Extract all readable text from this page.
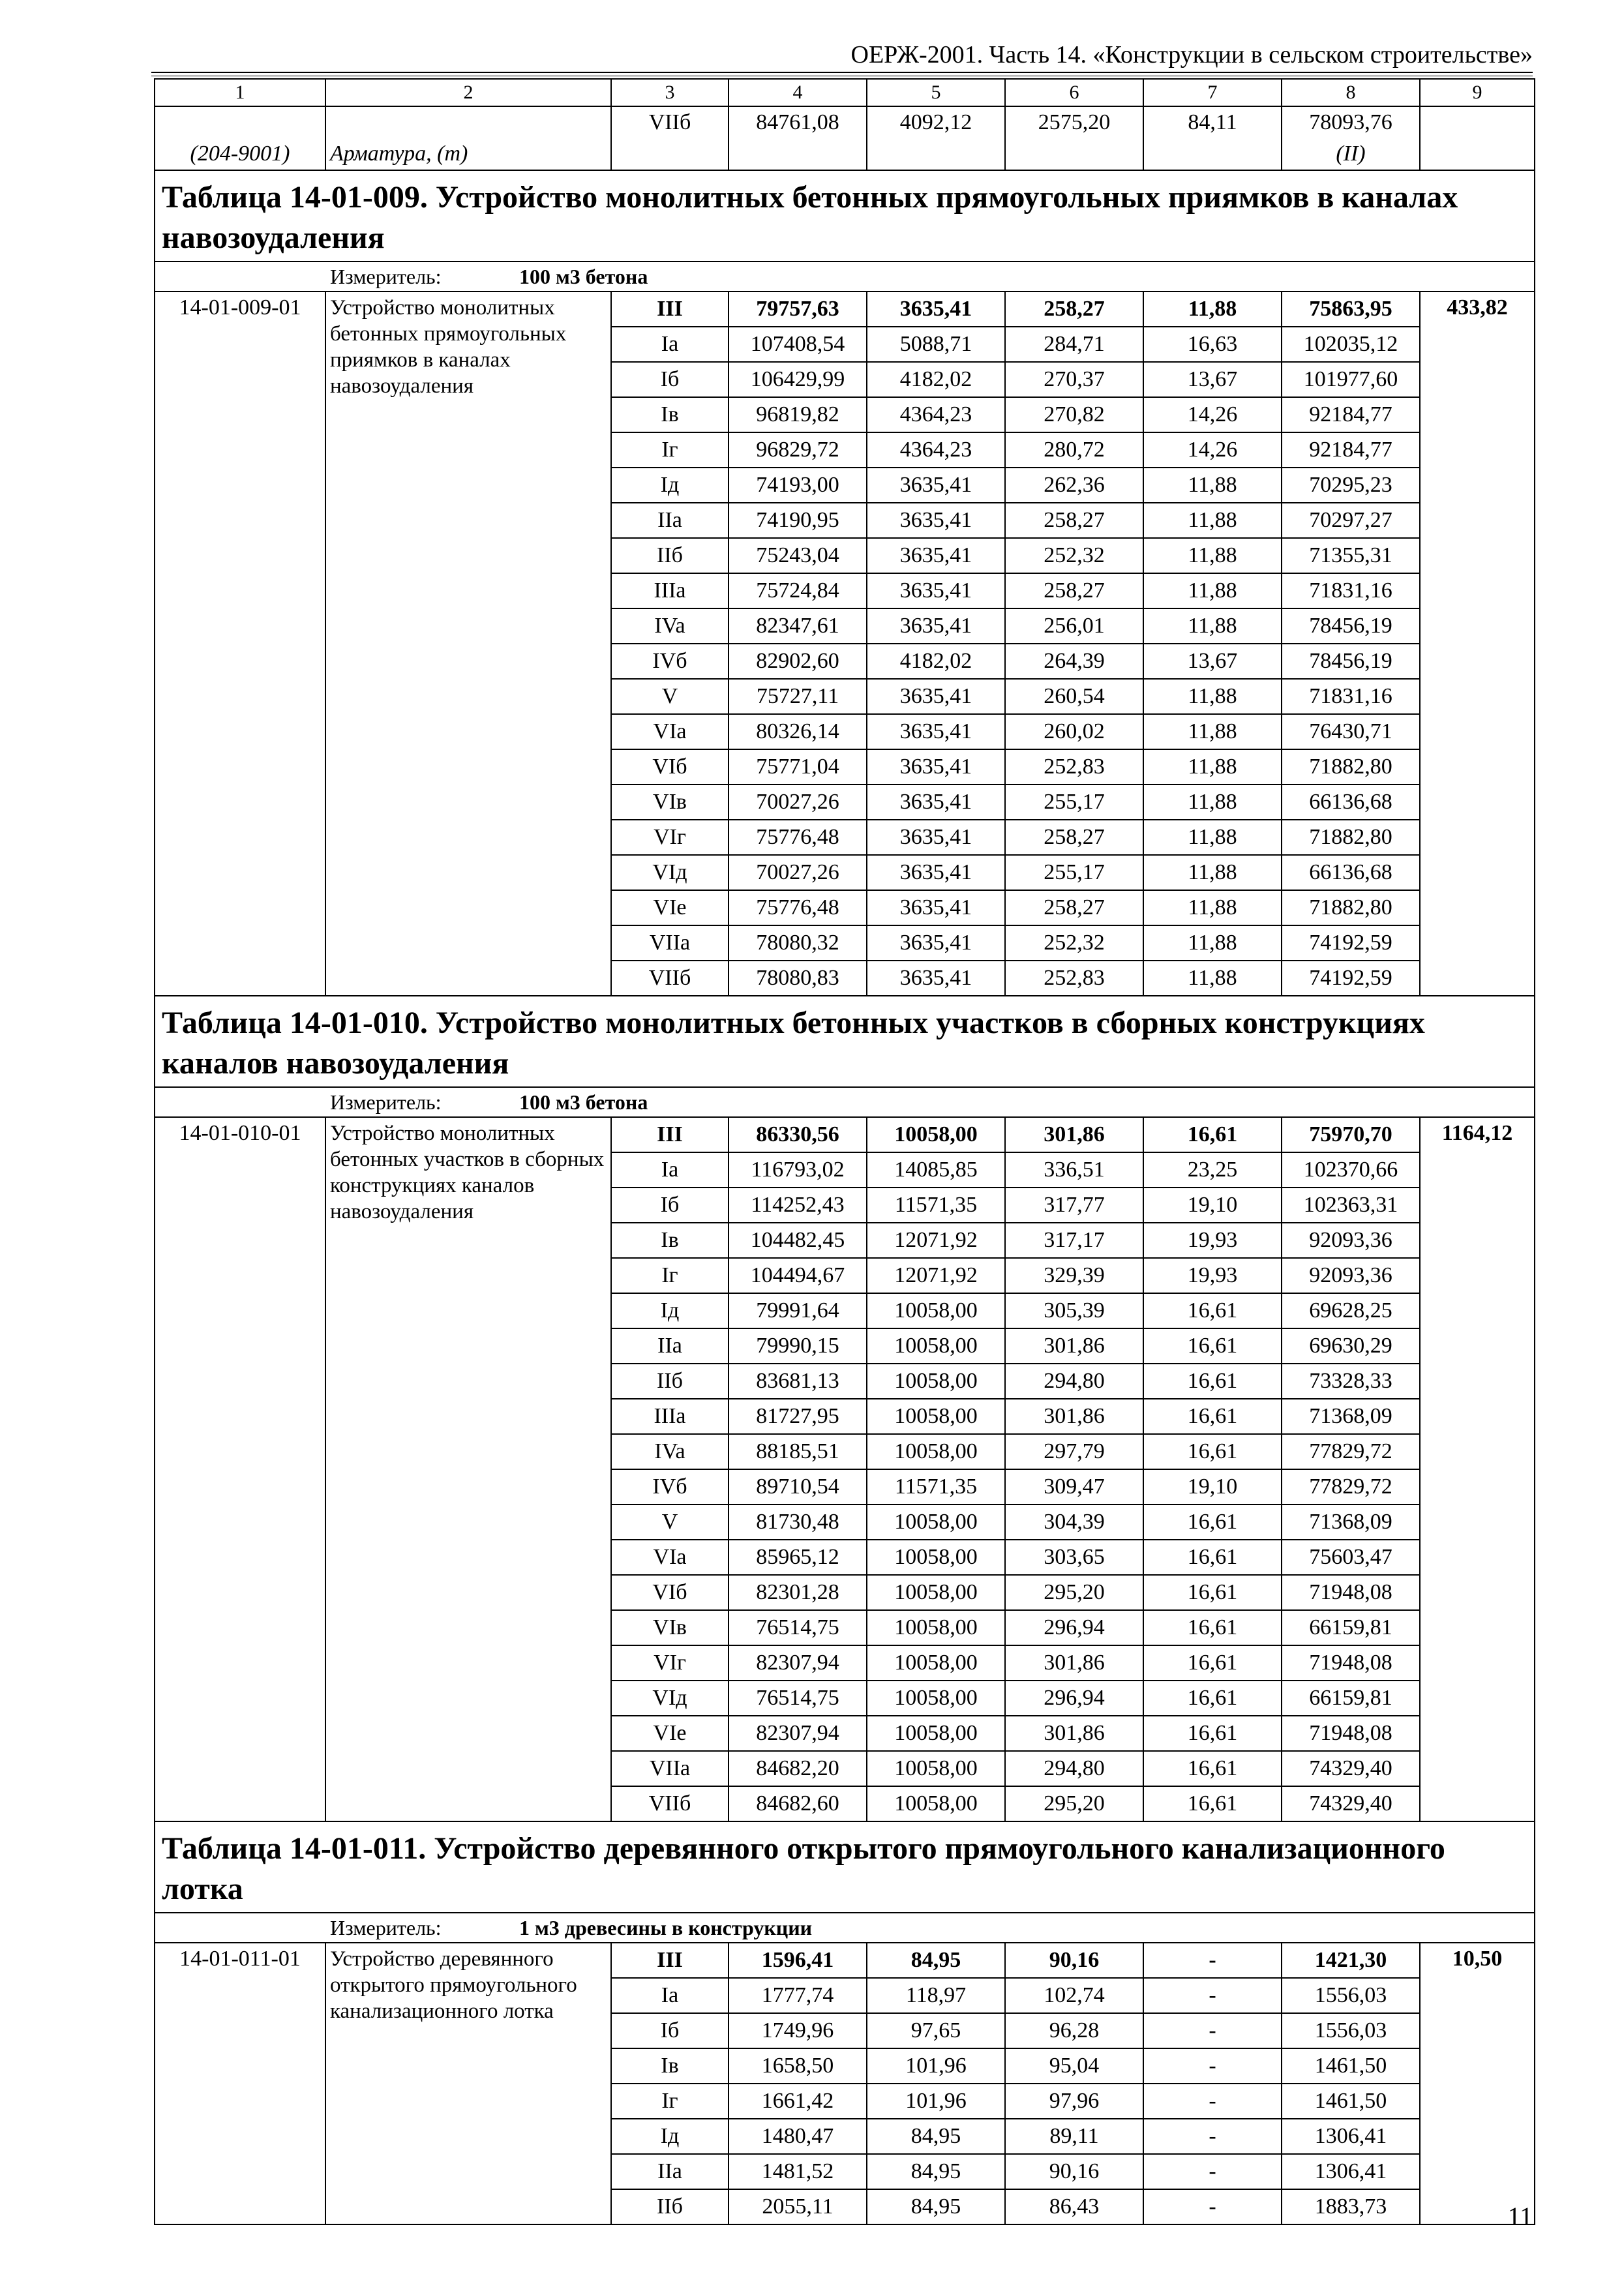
ОЕРЖ-2001. Часть 14. «Конструкции в сельском строительстве»
1	2	3	4	5	6	7	8	9
		VIIб	84761,08	4092,12	2575,20	84,11	78093,76	
(204-9001)	Арматура, (т)						(II)	
Таблица 14-01-009. Устройство монолитных бетонных прямоугольных приямков в каналах навозоудаления								
Измеритель: 100 м3 бетона								
14-01-009-01	Устройство монолитных бетонных прямоугольных приямков в каналах навозоудаления	III	79757,63	3635,41	258,27	11,88	75863,95	433,82
		Ia	107408,54	5088,71	284,71	16,63	102035,12	
		Iб	106429,99	4182,02	270,37	13,67	101977,60	
		Iв	96819,82	4364,23	270,82	14,26	92184,77	
		Iг	96829,72	4364,23	280,72	14,26	92184,77	
		Iд	74193,00	3635,41	262,36	11,88	70295,23	
		IIa	74190,95	3635,41	258,27	11,88	70297,27	
		IIб	75243,04	3635,41	252,32	11,88	71355,31	
		IIIa	75724,84	3635,41	258,27	11,88	71831,16	
		IVa	82347,61	3635,41	256,01	11,88	78456,19	
		IVб	82902,60	4182,02	264,39	13,67	78456,19	
		V	75727,11	3635,41	260,54	11,88	71831,16	
		VIa	80326,14	3635,41	260,02	11,88	76430,71	
		VIб	75771,04	3635,41	252,83	11,88	71882,80	
		VIв	70027,26	3635,41	255,17	11,88	66136,68	
		VIг	75776,48	3635,41	258,27	11,88	71882,80	
		VIд	70027,26	3635,41	255,17	11,88	66136,68	
		VIe	75776,48	3635,41	258,27	11,88	71882,80	
		VIIa	78080,32	3635,41	252,32	11,88	74192,59	
		VIIб	78080,83	3635,41	252,83	11,88	74192,59	
Таблица 14-01-010. Устройство монолитных бетонных участков в сборных конструкциях каналов навозоудаления								
Измеритель: 100 м3 бетона								
14-01-010-01	Устройство монолитных бетонных участков в сборных конструкциях каналов навозоудаления	III	86330,56	10058,00	301,86	16,61	75970,70	1164,12
		Ia	116793,02	14085,85	336,51	23,25	102370,66	
		Iб	114252,43	11571,35	317,77	19,10	102363,31	
		Iв	104482,45	12071,92	317,17	19,93	92093,36	
		Iг	104494,67	12071,92	329,39	19,93	92093,36	
		Iд	79991,64	10058,00	305,39	16,61	69628,25	
		IIa	79990,15	10058,00	301,86	16,61	69630,29	
		IIб	83681,13	10058,00	294,80	16,61	73328,33	
		IIIa	81727,95	10058,00	301,86	16,61	71368,09	
		IVa	88185,51	10058,00	297,79	16,61	77829,72	
		IVб	89710,54	11571,35	309,47	19,10	77829,72	
		V	81730,48	10058,00	304,39	16,61	71368,09	
		VIa	85965,12	10058,00	303,65	16,61	75603,47	
		VIб	82301,28	10058,00	295,20	16,61	71948,08	
		VIв	76514,75	10058,00	296,94	16,61	66159,81	
		VIг	82307,94	10058,00	301,86	16,61	71948,08	
		VIд	76514,75	10058,00	296,94	16,61	66159,81	
		VIe	82307,94	10058,00	301,86	16,61	71948,08	
		VIIa	84682,20	10058,00	294,80	16,61	74329,40	
		VIIб	84682,60	10058,00	295,20	16,61	74329,40	
Таблица 14-01-011. Устройство деревянного открытого прямоугольного канализационного лотка								
Измеритель: 1 м3 древесины в конструкции								
14-01-011-01	Устройство деревянного открытого прямоугольного канализационного лотка	III	1596,41	84,95	90,16	-	1421,30	10,50
		Ia	1777,74	118,97	102,74	-	1556,03	
		Iб	1749,96	97,65	96,28	-	1556,03	
		Iв	1658,50	101,96	95,04	-	1461,50	
		Iг	1661,42	101,96	97,96	-	1461,50	
		Iд	1480,47	84,95	89,11	-	1306,41	
		IIa	1481,52	84,95	90,16	-	1306,41	
		IIб	2055,11	84,95	86,43	-	1883,73		11
